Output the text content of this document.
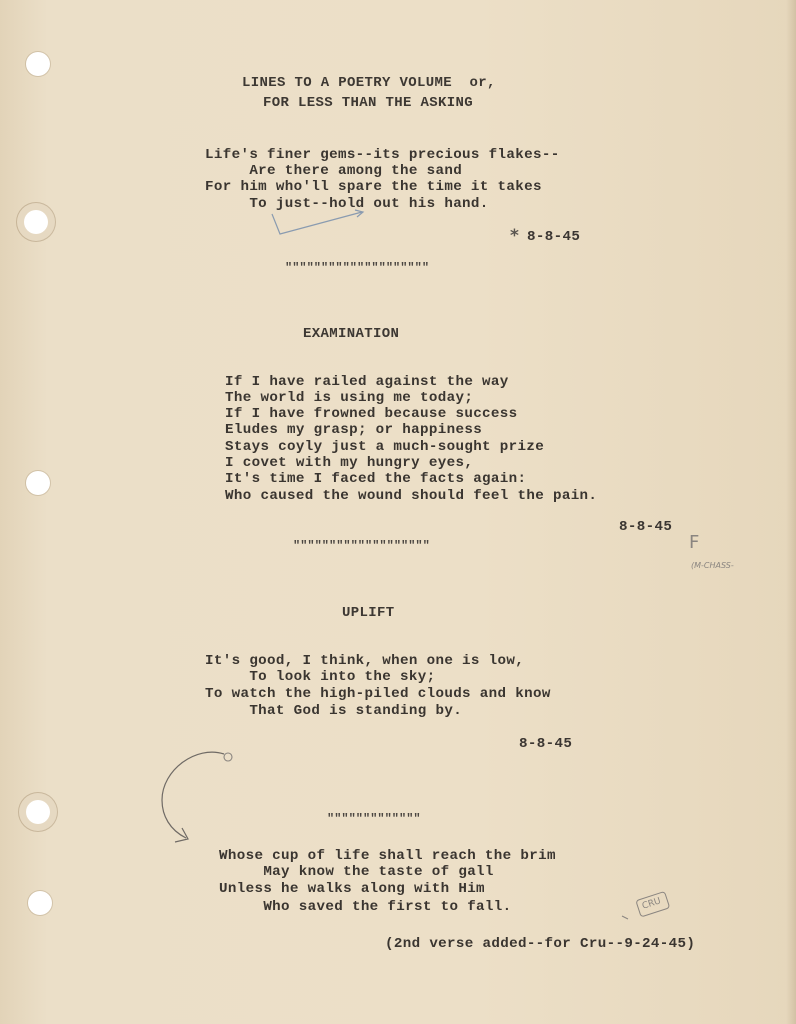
LINES TO A POETRY VOLUME  or,

FOR LESS THAN THE ASKING

Life's finer gems--its precious flakes--

Are there among the sand

For him who'll spare the time it takes

To just--hold out his hand.

* 8-8-45

""""""""""""""""""""

EXAMINATION

If I have railed against the way

The world is using me today;

If I have frowned because success

Eludes my grasp; or happiness

Stays coyly just a much-sought prize

I covet with my hungry eyes,

It's time I faced the facts again:

Who caused the wound should feel the pain.

8-8-45

F
(M-CHASS-

"""""""""""""""""""

UPLIFT

It's good, I think, when one is low,

To look into the sky;

To watch the high-piled clouds and know

That God is standing by.

8-8-45

"""""""""""""

Whose cup of life shall reach the brim

May know the taste of gall

Unless he walks along with Him

Who saved the first to fall.

(2nd verse added--for Cru--9-24-45)

CRU
